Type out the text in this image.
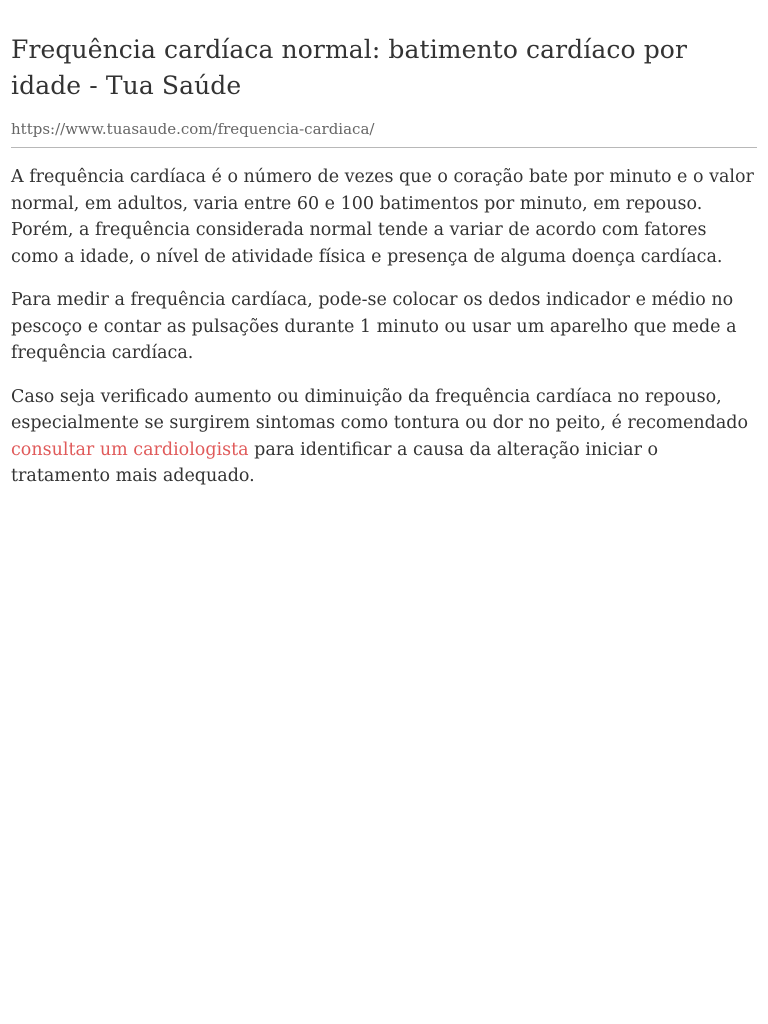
Frequência cardíaca normal: batimento cardíaco por idade - Tua Saúde
https://www.tuasaude.com/frequencia-cardiaca/

A frequência cardíaca é o número de vezes que o coração bate por minuto e o valor normal, em adultos, varia entre 60 e 100 batimentos por minuto, em repouso. Porém, a frequência considerada normal tende a variar de acordo com fatores como a idade, o nível de atividade física e presença de alguma doença cardíaca.

Para medir a frequência cardíaca, pode-se colocar os dedos indicador e médio no pescoço e contar as pulsações durante 1 minuto ou usar um aparelho que mede a frequência cardíaca.

Caso seja verificado aumento ou diminuição da frequência cardíaca no repouso, especialmente se surgirem sintomas como tontura ou dor no peito, é recomendado consultar um cardiologista para identificar a causa da alteração iniciar o tratamento mais adequado.
